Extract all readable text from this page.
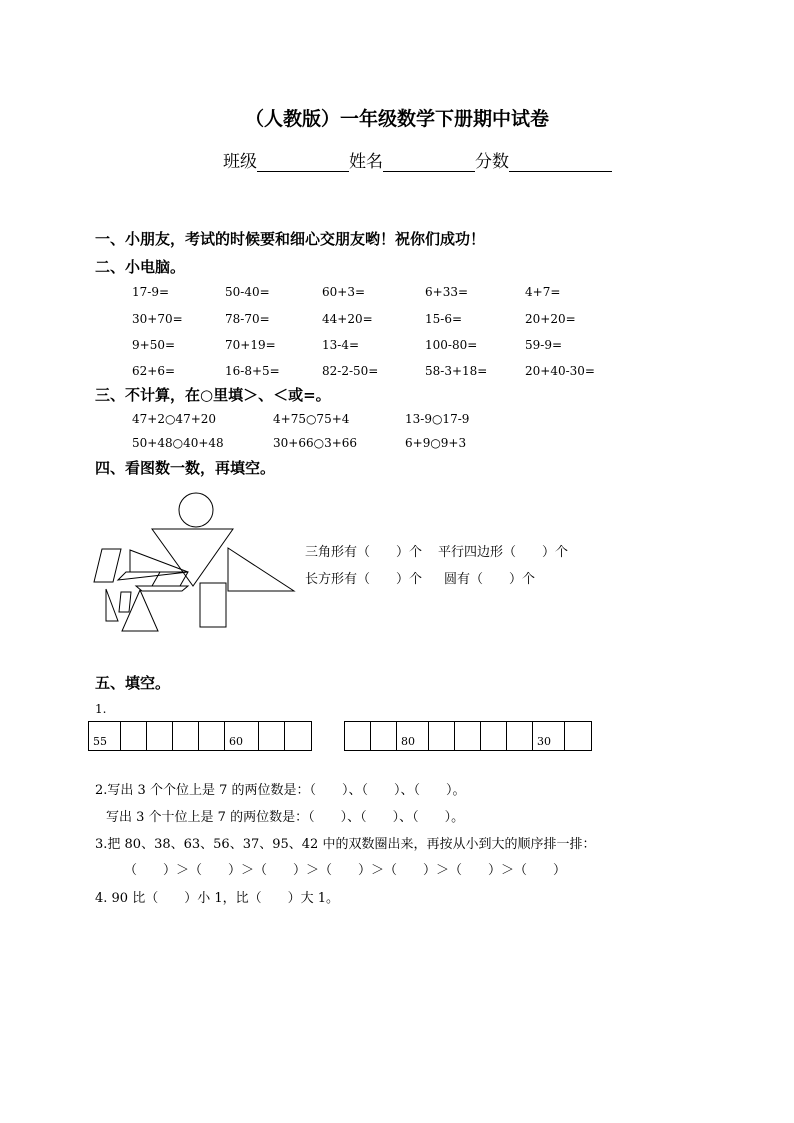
（人教版）一年级数学下册期中试卷
班级	姓名	分数
一、小朋友，考试的时候要和细心交朋友哟！祝你们成功！
二、小电脑。
17-9=	50-40=	60+3=	6+33=	4+7=
30+70=	78-70=	44+20=	15-6=	20+20=
9+50=	70+19=	13-4=	100-80=	59-9=
62+6=	16-8+5=	82-2-50=	58-3+18=	20+40-30=
三、不计算，在○里填＞、＜或=。
47+2○47+20	4+75○75+4	13-9○17-9
50+48○40+48	30+66○3+66	6+9○9+3
四、看图数一数，再填空。
三角形有（　　）个 平行四边形（　　）个
长方形有（　　）个 圆有（　　）个
五、填空。
1.
55	60	80	30
2.写出 3 个个位上是 7 的两位数是：（　　）、（　　）、（　　）。
写出 3 个十位上是 7 的两位数是：（　　）、（　　）、（　　）。
3.把 80、38、63、56、37、95、42 中的双数圈出来，再按从小到大的顺序排一排：
（　　）＞（　　）＞（　　）＞（　　）＞（　　）＞（　　）＞（　　）
4. 90 比（　　）小 1，比（　　）大 1。
